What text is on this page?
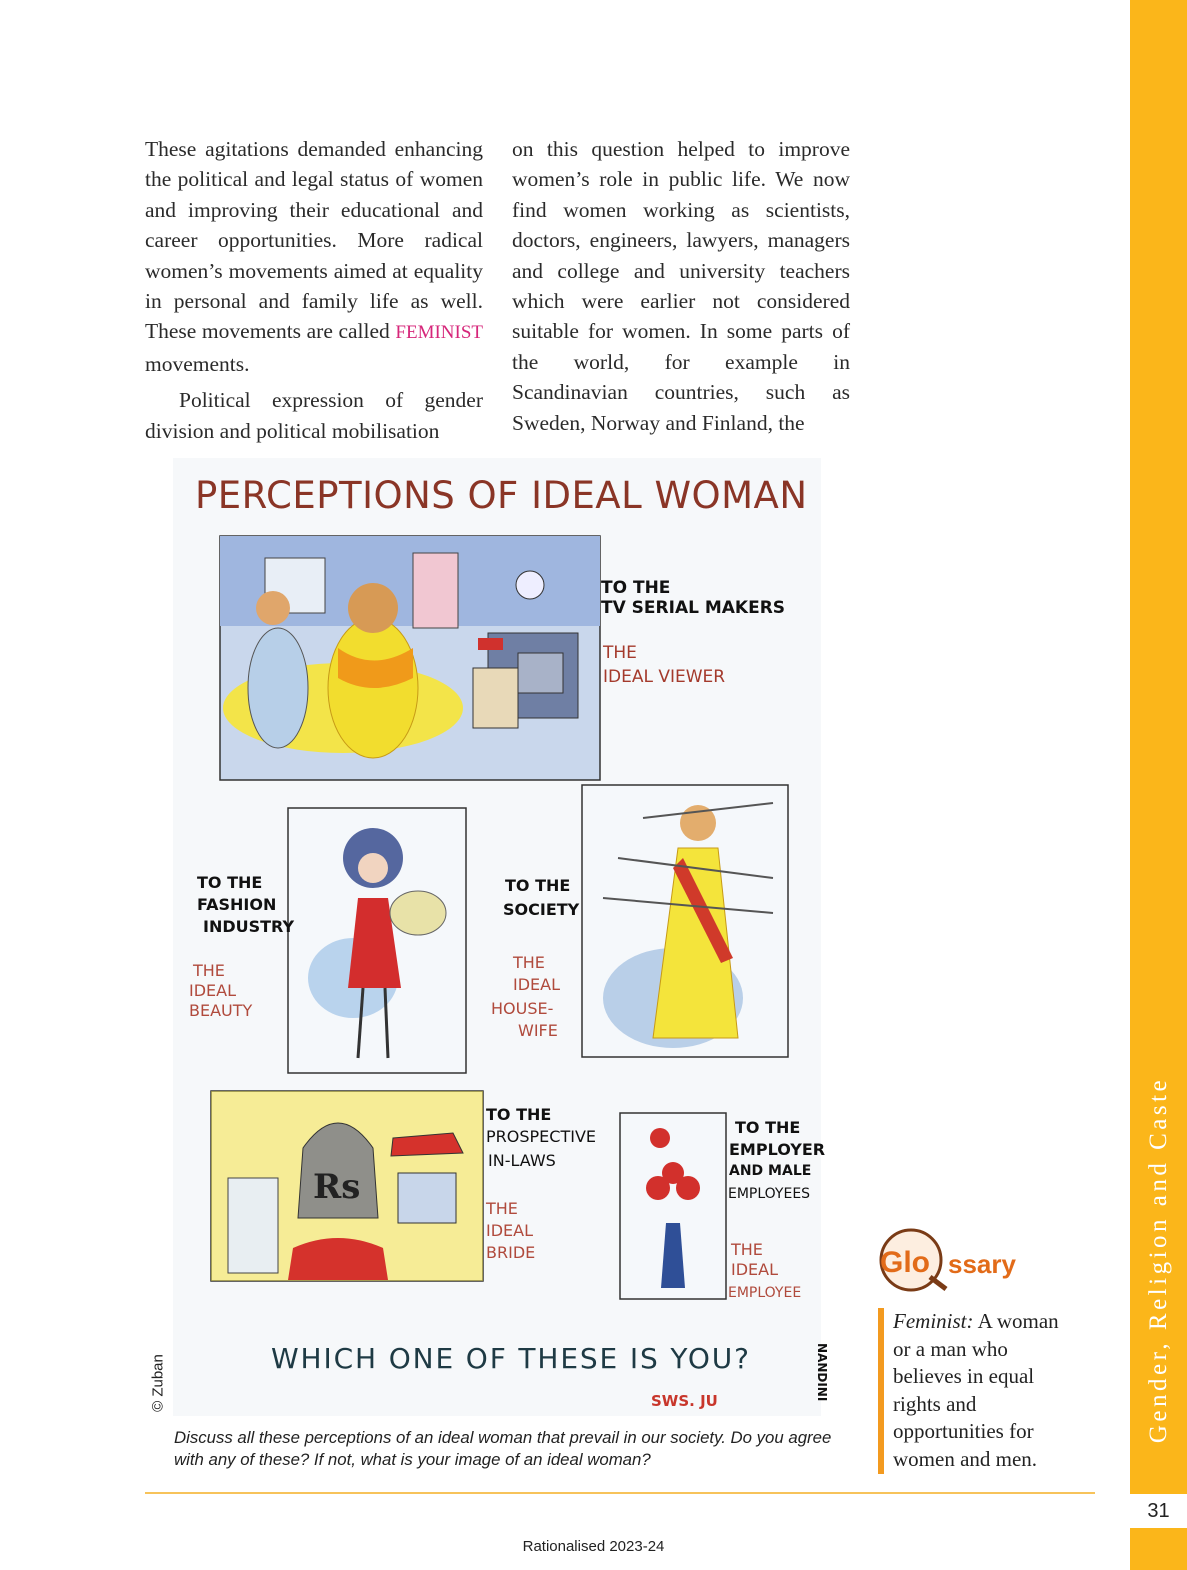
Gender, Religion and Caste
31

These agitations demanded enhancing the political and legal status of women and improving their educational and career opportunities. More radical women’s movements aimed at equality in personal and family life as well. These movements are called FEMINIST movements.

Political expression of gender division and political mobilisation

on this question helped to improve women’s role in public life. We now find women working as scientists, doctors, engineers, lawyers, managers and college and university teachers which were earlier not considered suitable for women. In some parts of the world, for example in Scandinavian countries, such as Sweden, Norway and Finland, the

PERCEPTIONS OF IDEAL WOMAN
TO THE
TV SERIAL MAKERS
THE
IDEAL VIEWER
TO THE
FASHION
INDUSTRY
THE
IDEAL
BEAUTY
TO THE
SOCIETY
THE
IDEAL
HOUSE-
WIFE
Rs
TO THE
PROSPECTIVE
IN-LAWS
THE
IDEAL
BRIDE
TO THE
EMPLOYER
AND MALE
EMPLOYEES
THE
IDEAL
EMPLOYEE
WHICH ONE OF THESE IS YOU?
SWS. JU	NANDINI
© Zuban
Discuss all these perceptions of an ideal woman that prevail in our society. Do you agree with any of these? If not, what is your image of an ideal woman?
Glo ssary
Feminist: A woman or a man who believes in equal rights and opportunities for women and men.
Rationalised 2023-24
